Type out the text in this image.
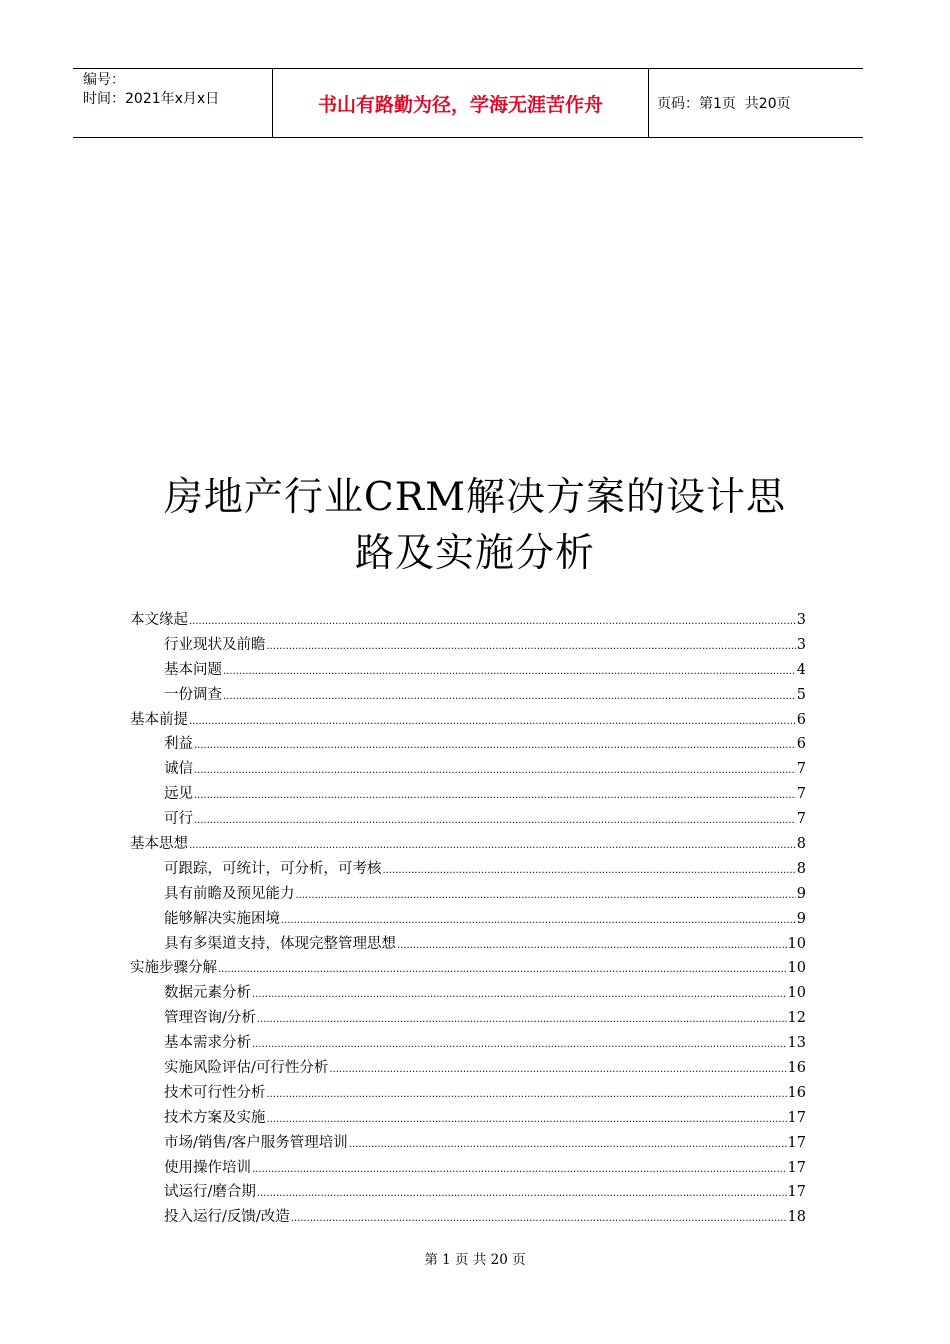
编号：
时间：2021年x月x日	书山有路勤为径，学海无涯苦作舟	页码：第1页  共20页
房地产行业CRM解决方案的设计思
路及实施分析
本文缘起 .....	3
行业现状及前瞻 .....	3
基本问题 .....	4
一份调查 .....	5
基本前提 .....	6
利益 .....	6
诚信 .....	7
远见 .....	7
可行 .....	7
基本思想 .....	8
可跟踪，可统计，可分析，可考核 .....	8
具有前瞻及预见能力 .....	9
能够解决实施困境 .....	9
具有多渠道支持，体现完整管理思想 .....	10
实施步骤分解 .....	10
数据元素分析 .....	10
管理咨询/分析 .....	12
基本需求分析 .....	13
实施风险评估/可行性分析 .....	16
技术可行性分析 .....	16
技术方案及实施 .....	17
市场/销售/客户服务管理培训 .....	17
使用操作培训 .....	17
试运行/磨合期 .....	17
投入运行/反馈/改造 .....	18
第 1 页 共 20 页
